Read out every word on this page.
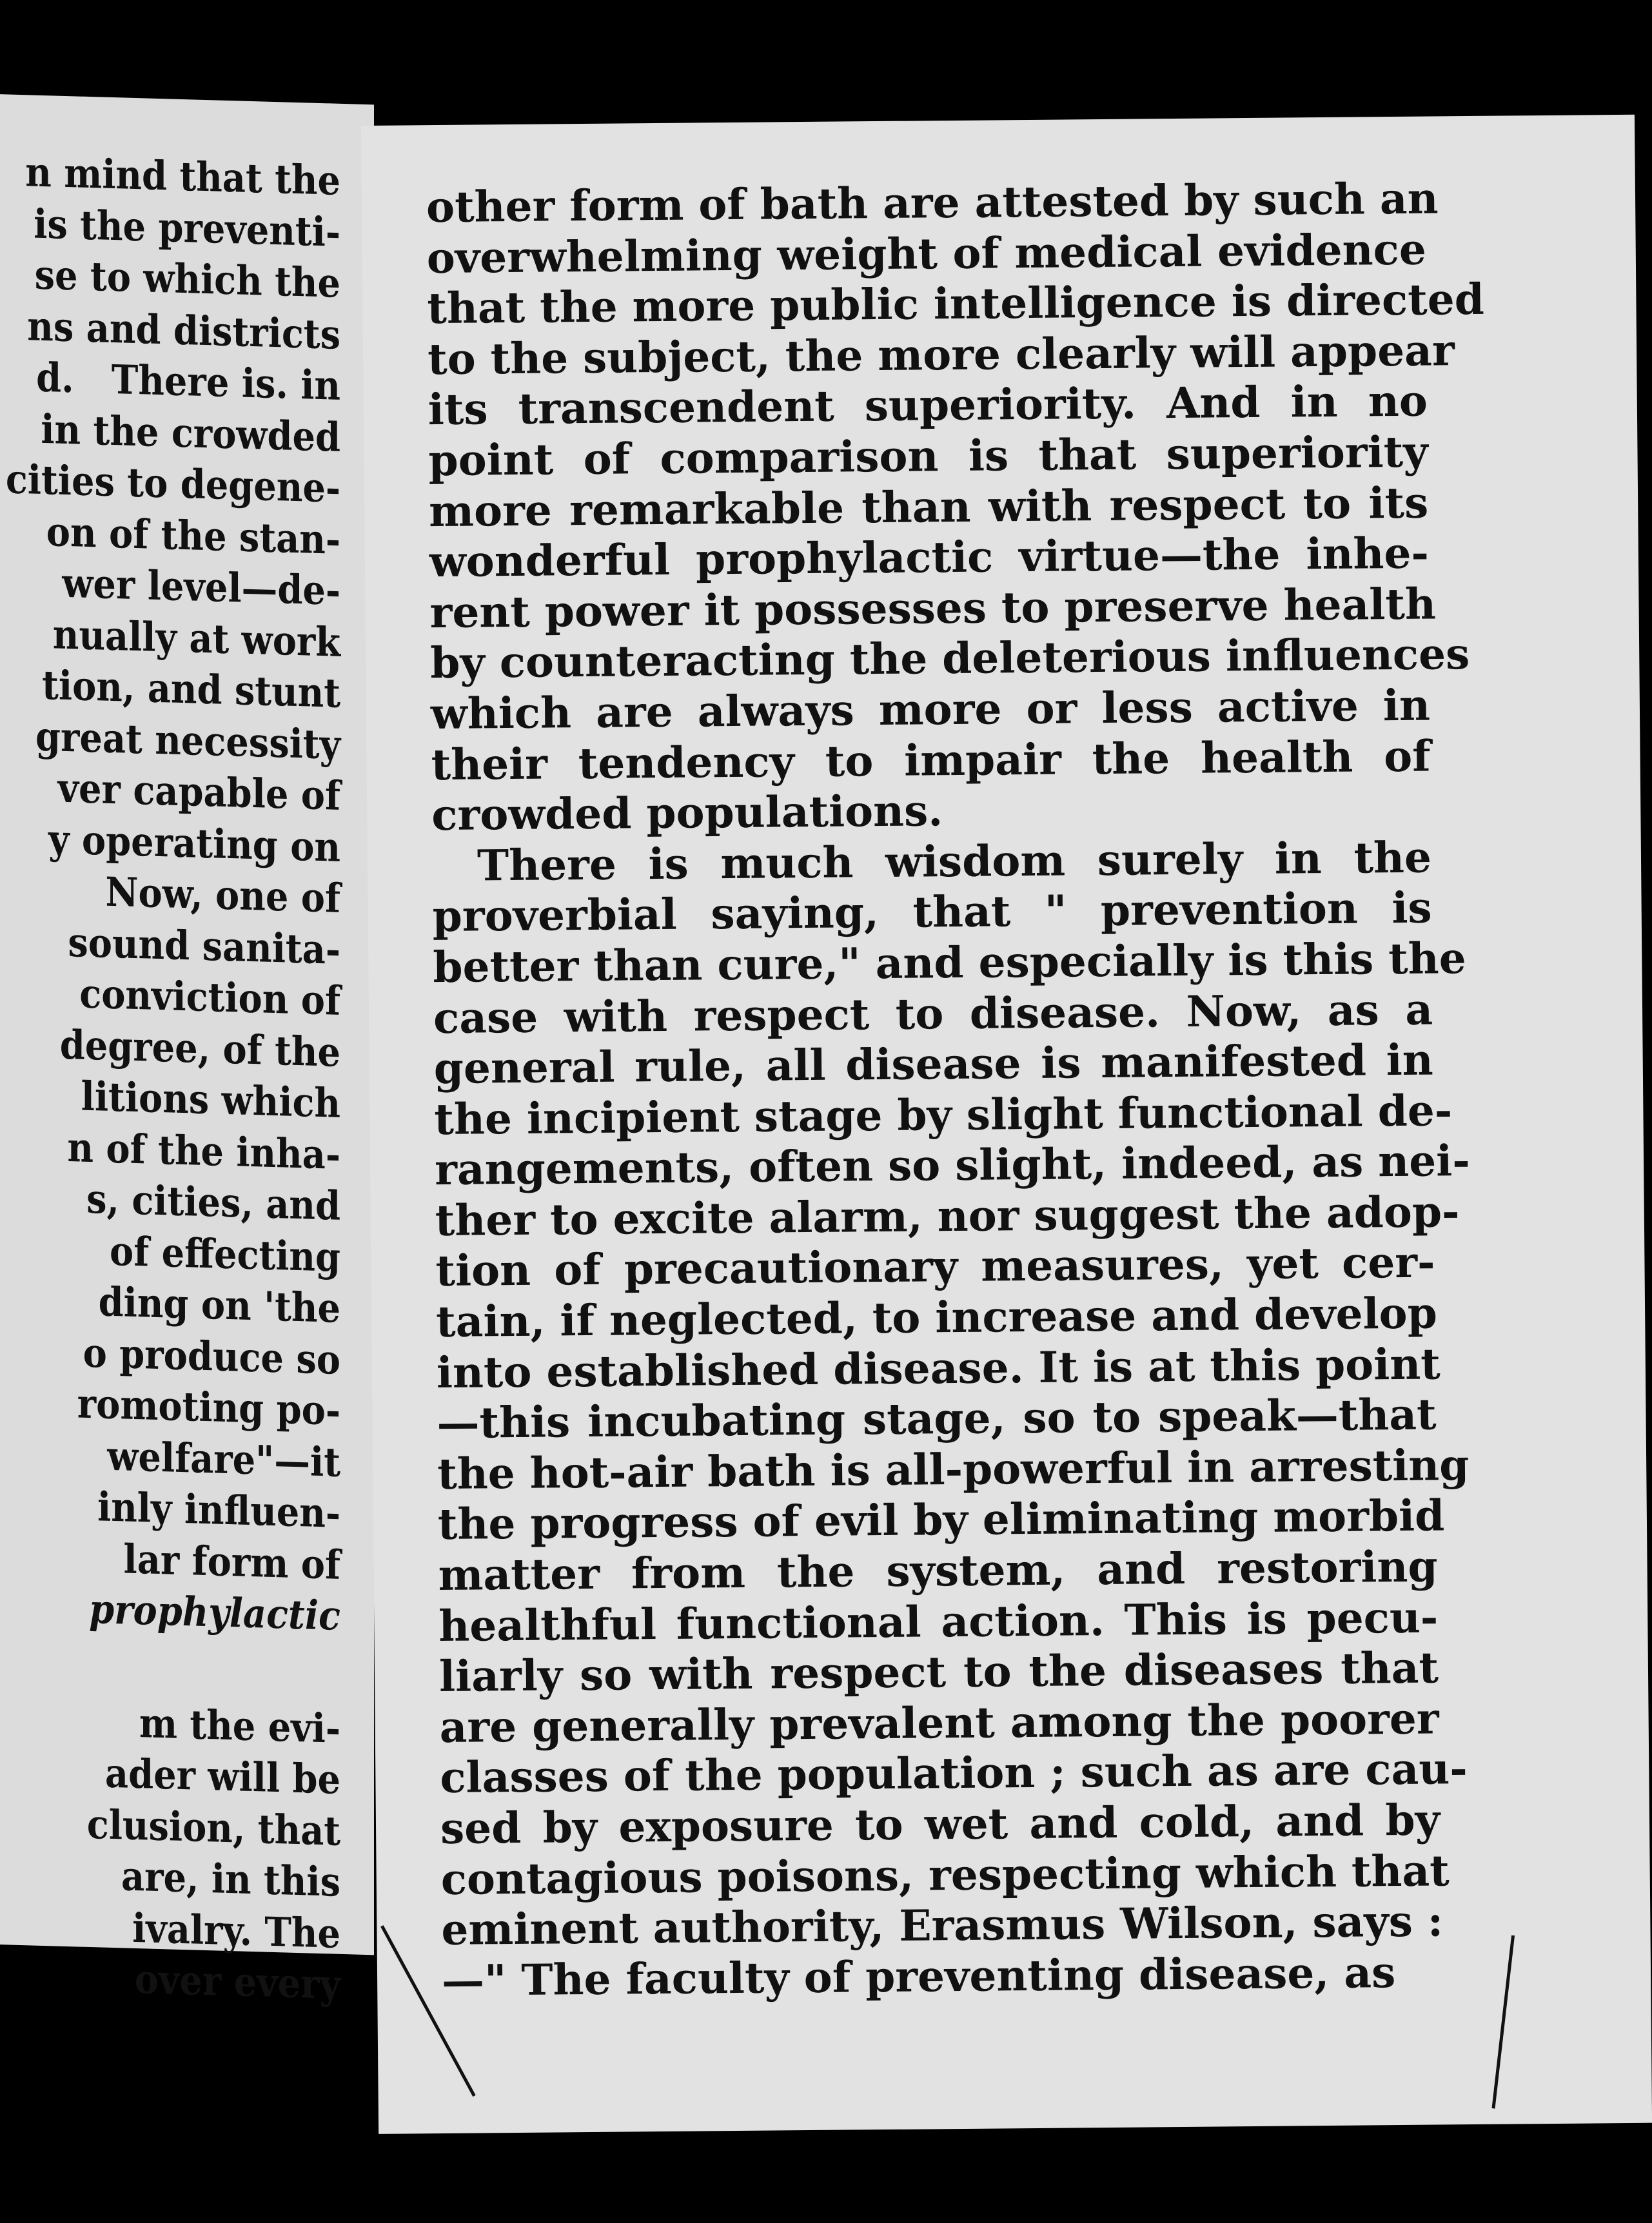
n mind that the
is the preventi-
se to which the
ns and districts
d.   There is. in
in the crowded
cities to degene-
on of the stan-
wer level—de-
nually at work
tion, and stunt
great necessity
ver capable of
y operating on
Now, one of
sound sanita-
conviction of
degree, of the
litions which
n of the inha-
s, cities, and
of effecting
ding on 'the
o produce so
romoting po-
welfare"—it
inly influen-
lar form of
prophylactic
m the evi-
ader will be
clusion, that
are, in this
ivalry. The
over every
other form of bath are attested by such an
overwhelming weight of medical evidence
that the more public intelligence is directed
to the subject, the more clearly will appear
its transcendent superiority. And in no
point of comparison is that superiority
more remarkable than with respect to its
wonderful prophylactic virtue—the inhe-
rent power it possesses to preserve health
by counteracting the deleterious influences
which are always more or less active in
their tendency to impair the health of
crowded populations.
There is much wisdom surely in the
proverbial saying, that " prevention is
better than cure," and especially is this the
case with respect to disease. Now, as a
general rule, all disease is manifested in
the incipient stage by slight functional de-
rangements, often so slight, indeed, as nei-
ther to excite alarm, nor suggest the adop-
tion of precautionary measures, yet cer-
tain, if neglected, to increase and develop
into established disease. It is at this point
—this incubating stage, so to speak—that
the hot-air bath is all-powerful in arresting
the progress of evil by eliminating morbid
matter from the system, and restoring
healthful functional action. This is pecu-
liarly so with respect to the diseases that
are generally prevalent among the poorer
classes of the population ; such as are cau-
sed by exposure to wet and cold, and by
contagious poisons, respecting which that
eminent authority, Erasmus Wilson, says :
—" The faculty of preventing disease, as
